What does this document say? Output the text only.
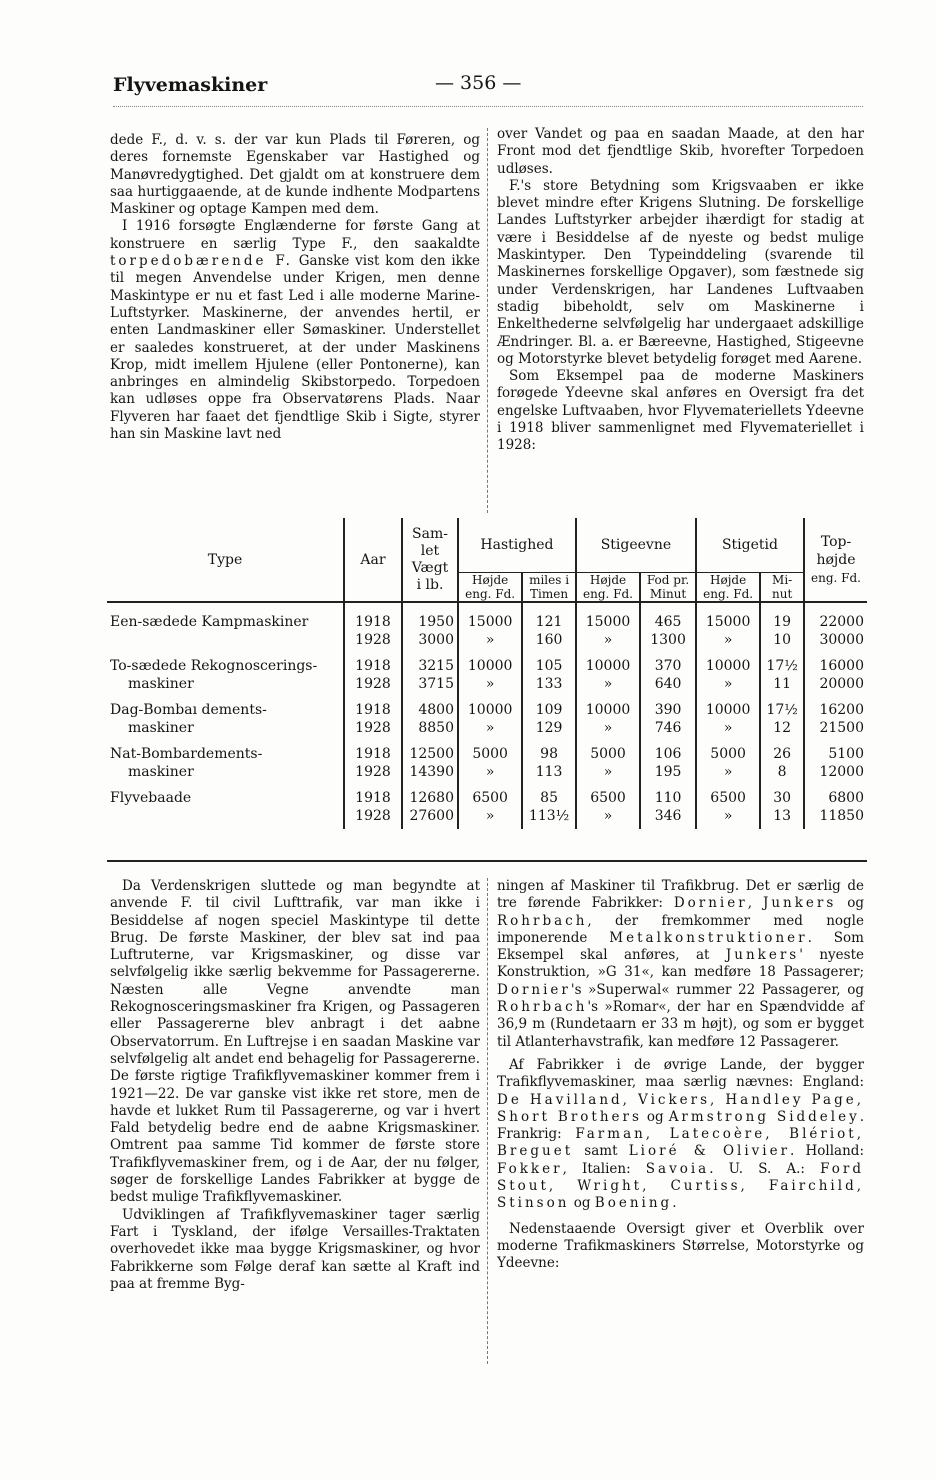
Flyvemaskiner	— 356 —

dede F., d. v. s. der var kun Plads til Føreren, og deres fornemste Egenskaber var Hastighed og Manøvredygtighed. Det gjaldt om at konstruere dem saa hurtiggaaende, at de kunde indhente Modpartens Maskiner og optage Kampen med dem.

I 1916 forsøgte Englænderne for første Gang at konstruere en særlig Type F., den saakaldte torpedobærende F. Ganske vist kom den ikke til megen Anvendelse under Krigen, men denne Maskintype er nu et fast Led i alle moderne Marine-Luftstyrker. Maskinerne, der anvendes hertil, er enten Landmaskiner eller Sømaskiner. Understellet er saaledes konstrueret, at der under Maskinens Krop, midt imellem Hjulene (eller Pontonerne), kan anbringes en almindelig Skibstorpedo. Torpedoen kan udløses oppe fra Observatørens Plads. Naar Flyveren har faaet det fjendtlige Skib i Sigte, styrer han sin Maskine lavt ned

over Vandet og paa en saadan Maade, at den har Front mod det fjendtlige Skib, hvorefter Torpedoen udløses.

F.'s store Betydning som Krigsvaaben er ikke blevet mindre efter Krigens Slutning. De forskellige Landes Luftstyrker arbejder ihærdigt for stadig at være i Besiddelse af de nyeste og bedst mulige Maskintyper. Den Typeinddeling (svarende til Maskinernes forskellige Opgaver), som fæstnede sig under Verdenskrigen, har Landenes Luftvaaben stadig bibeholdt, selv om Maskinerne i Enkelthederne selvfølgelig har undergaaet adskillige Ændringer. Bl. a. er Bæreevne, Hastighed, Stigeevne og Motorstyrke blevet betydelig forøget med Aarene.

Som Eksempel paa de moderne Maskiners forøgede Ydeevne skal anføres en Oversigt fra det engelske Luftvaaben, hvor Flyvemateriellets Ydeevne i 1918 bliver sammenlignet med Flyvemateriellet i 1928:

Type	Aar	Sam-
let
Vægt
i lb.	Hastighed		Stigeevne		Stigetid		Top-
højde
eng. Fd.
			Højde
eng. Fd.	miles i
Timen	Højde
eng. Fd.	Fod pr.
Minut	Højde
eng. Fd.	Mi-
nut	
Een-sædede Kampmaskiner	1918	1950	15000	121	15000	465	15000	19	22000
	1928	3000	»	160	»	1300	»	10	30000
To-sædede Rekognoscerings-	1918	3215	10000	105	10000	370	10000	17½	16000

maskiner	1928	3715	»	133	»	640	»	11	20000
Dag-Bombaı dements-	1918	4800	10000	109	10000	390	10000	17½	16200

maskiner	1928	8850	»	129	»	746	»	12	21500
Nat-Bombardements-	1918	12500	5000	98	5000	106	5000	26	5100

maskiner	1928	14390	»	113	»	195	»	8	12000
Flyvebaade	1918	12680	6500	85	6500	110	6500	30	6800
	1928	27600	»	113½	»	346	»	13	11850

Da Verdenskrigen sluttede og man begyndte at anvende F. til civil Lufttrafik, var man ikke i Besiddelse af nogen speciel Maskintype til dette Brug. De første Maskiner, der blev sat ind paa Luftruterne, var Krigsmaskiner, og disse var selvfølgelig ikke særlig bekvemme for Passagererne. Næsten alle Vegne anvendte man Rekognosceringsmaskiner fra Krigen, og Passageren eller Passagererne blev anbragt i det aabne Observatorrum. En Luftrejse i en saadan Maskine var selvfølgelig alt andet end behagelig for Passagererne. De første rigtige Trafikflyvemaskiner kommer frem i 1921—22. De var ganske vist ikke ret store, men de havde et lukket Rum til Passagererne, og var i hvert Fald betydelig bedre end de aabne Krigsmaskiner. Omtrent paa samme Tid kommer de første store Trafikflyvemaskiner frem, og i de Aar, der nu følger, søger de forskellige Landes Fabrikker at bygge de bedst mulige Trafikflyvemaskiner.

Udviklingen af Trafikflyvemaskiner tager særlig Fart i Tyskland, der ifølge Versailles-Traktaten overhovedet ikke maa bygge Krigsmaskiner, og hvor Fabrikkerne som Følge deraf kan sætte al Kraft ind paa at fremme Byg-

ningen af Maskiner til Trafikbrug. Det er særlig de tre førende Fabrikker: Dornier, Junkers og Rohrbach, der fremkommer med nogle imponerende Metalkonstruktioner. Som Eksempel skal anføres, at Junkers' nyeste Konstruktion, »G 31«, kan medføre 18 Passagerer; Dornier's »Superwal« rummer 22 Passagerer, og Rohrbach's »Romar«, der har en Spændvidde af 36,9 m (Rundetaarn er 33 m højt), og som er bygget til Atlanterhavstrafik, kan medføre 12 Passagerer.

Af Fabrikker i de øvrige Lande, der bygger Trafikflyvemaskiner, maa særlig nævnes: England: De Havilland, Vickers, Handley Page, Short Brothers og Armstrong Siddeley. Frankrig: Farman, Latecoère, Blériot, Breguet samt Lioré & Olivier. Holland: Fokker, Italien: Savoia. U. S. A.: Ford Stout, Wright, Curtiss, Fairchild, Stinson og Boening.

Nedenstaaende Oversigt giver et Overblik over moderne Trafikmaskiners Størrelse, Motorstyrke og Ydeevne:
